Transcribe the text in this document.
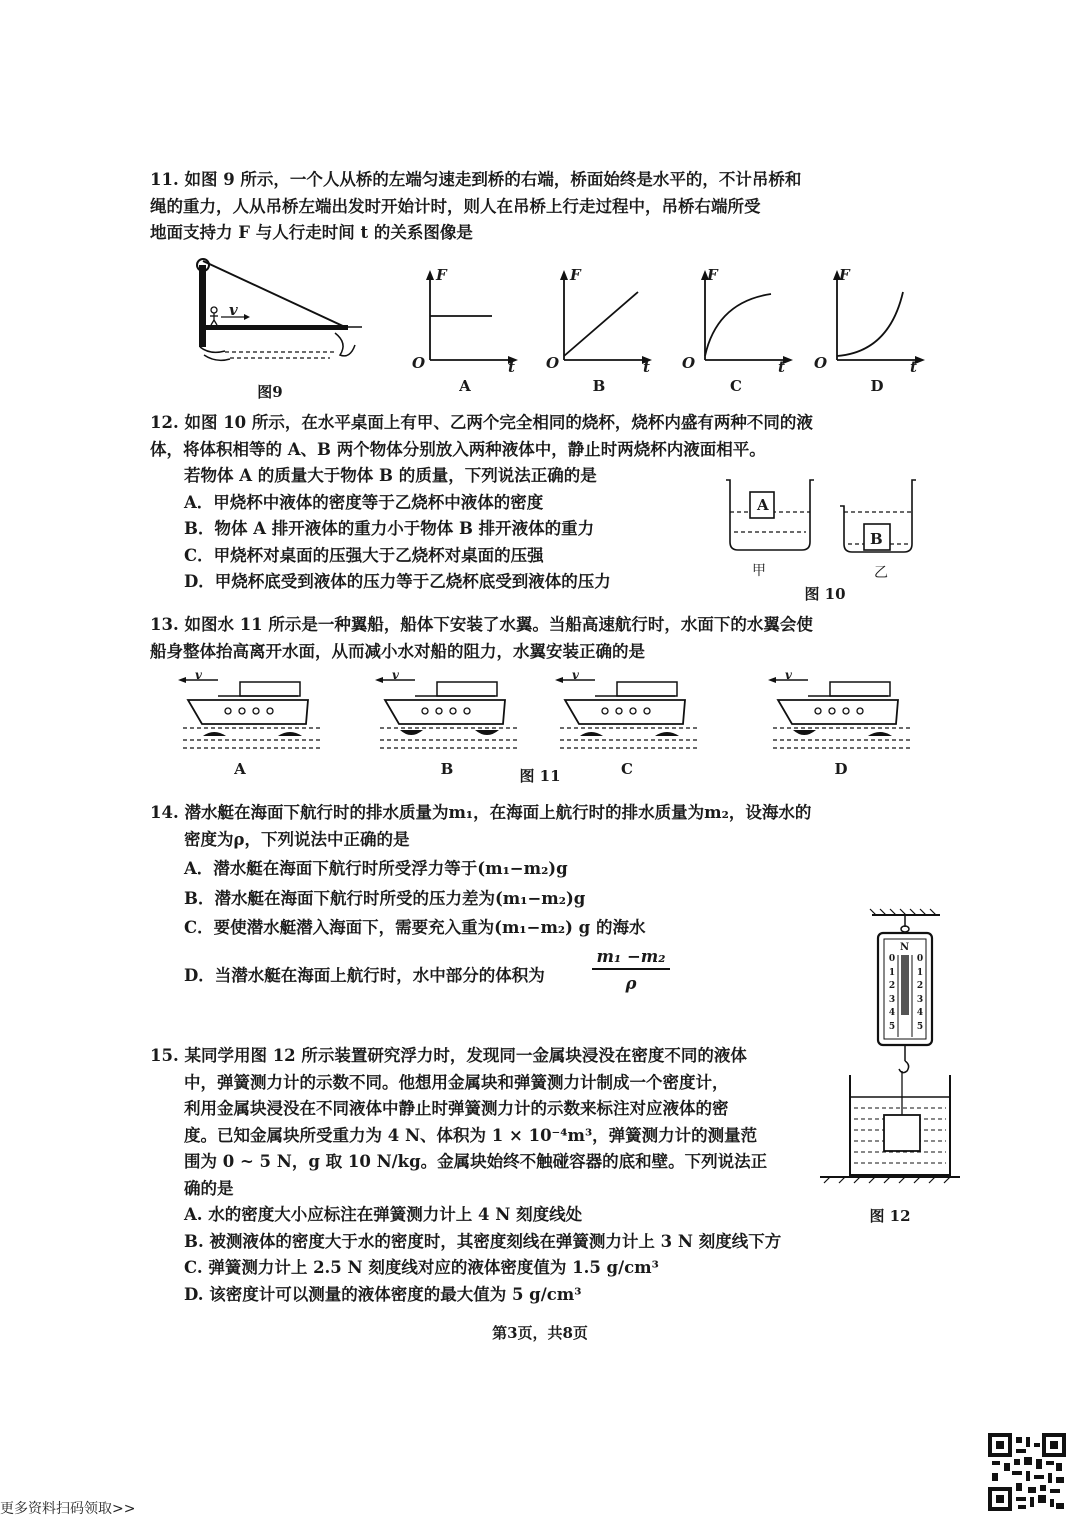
11. 如图 9 所示，一个人从桥的左端匀速走到桥的右端，桥面始终是水平的，不计吊桥和
绳的重力，人从吊桥左端出发时开始计时，则人在吊桥上行走过程中，吊桥右端所受
地面支持力 F 与人行走时间 t 的关系图像是
v
图9
F
O	t
A
F
O	t
B
F
O	t
C
F
O	t
D
12. 如图 10 所示，在水平桌面上有甲、乙两个完全相同的烧杯，烧杯内盛有两种不同的液
体，将体积相等的 A、B 两个物体分别放入两种液体中，静止时两烧杯内液面相平。
若物体 A 的质量大于物体 B 的质量，下列说法正确的是
A．甲烧杯中液体的密度等于乙烧杯中液体的密度
B．物体 A 排开液体的重力小于物体 B 排开液体的重力
C．甲烧杯对桌面的压强大于乙烧杯对桌面的压强
D．甲烧杯底受到液体的压力等于乙烧杯底受到液体的压力
A
B
甲	乙
图 10
13. 如图水 11 所示是一种翼船，船体下安装了水翼。当船高速航行时，水面下的水翼会使
船身整体抬高离开水面，从而减小水对船的阻力，水翼安装正确的是
v	v	v	v
A	B	C	D
图 11
14. 潜水艇在海面下航行时的排水质量为m₁，在海面上航行时的排水质量为m₂，设海水的
密度为ρ，下列说法中正确的是
A．潜水艇在海面下航行时所受浮力等于(m₁−m₂)g
B．潜水艇在海面下航行时所受的压力差为(m₁−m₂)g
C．要使潜水艇潜入海面下，需要充入重为(m₁−m₂) g 的海水
D．当潜水艇在海面上航行时，水中部分的体积为
m₁ −m₂
ρ
15. 某同学用图 12 所示装置研究浮力时，发现同一金属块浸没在密度不同的液体
中，弹簧测力计的示数不同。他想用金属块和弹簧测力计制成一个密度计，
利用金属块浸没在不同液体中静止时弹簧测力计的示数来标注对应液体的密
度。已知金属块所受重力为 4 N、体积为 1 × 10⁻⁴m³，弹簧测力计的测量范
围为 0 ~ 5 N，g 取 10 N/kg。金属块始终不触碰容器的底和壁。下列说法正
确的是
A. 水的密度大小应标注在弹簧测力计上 4 N 刻度线处
B. 被测液体的密度大于水的密度时，其密度刻线在弹簧测力计上 3 N 刻度线下方
C. 弹簧测力计上 2.5 N 刻度线对应的液体密度值为 1.5 g/cm³
D. 该密度计可以测量的液体密度的最大值为 5 g/cm³
N
0
1
2
3
4
5
0
1
2
3
4
5
图 12
第3页，共8页
更多资料扫码领取>>
